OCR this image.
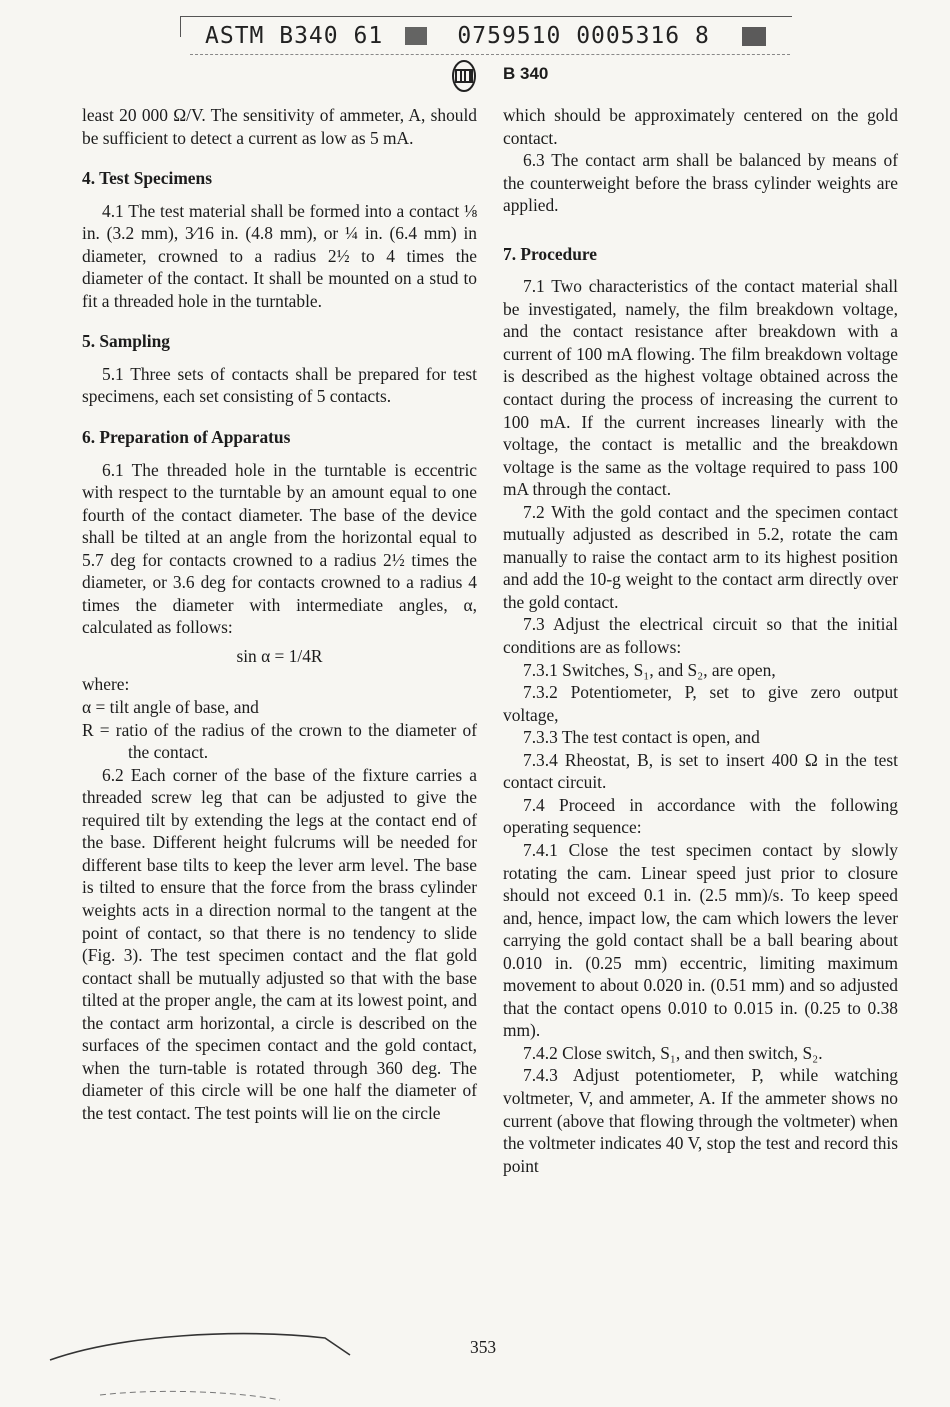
ASTM B340 61	0759510 0005316 8
B 340

least 20 000 Ω/V. The sensitivity of ammeter, A, should be sufficient to detect a current as low as 5 mA.

4. Test Specimens

4.1 The test material shall be formed into a contact ⅛ in. (3.2 mm), 3⁄16 in. (4.8 mm), or ¼ in. (6.4 mm) in diameter, crowned to a radius 2½ to 4 times the diameter of the contact. It shall be mounted on a stud to fit a threaded hole in the turntable.

5. Sampling

5.1 Three sets of contacts shall be prepared for test specimens, each set consisting of 5 contacts.

6. Preparation of Apparatus

6.1 The threaded hole in the turntable is eccentric with respect to the turntable by an amount equal to one fourth of the contact diameter. The base of the device shall be tilted at an angle from the horizontal equal to 5.7 deg for contacts crowned to a radius 2½ times the diameter, or 3.6 deg for contacts crowned to a radius 4 times the diameter with intermediate angles, α, calculated as follows:

sin α = 1/4R

where:

α = tilt angle of base, and

R = ratio of the radius of the crown to the diameter of the contact.

6.2 Each corner of the base of the fixture carries a threaded screw leg that can be adjusted to give the required tilt by extending the legs at the contact end of the base. Different height fulcrums will be needed for different base tilts to keep the lever arm level. The base is tilted to ensure that the force from the brass cylinder weights acts in a direction normal to the tangent at the point of contact, so that there is no tendency to slide (Fig. 3). The test specimen contact and the flat gold contact shall be mutually adjusted so that with the base tilted at the proper angle, the cam at its lowest point, and the contact arm horizontal, a circle is described on the surfaces of the specimen contact and the gold contact, when the turn-table is rotated through 360 deg. The diameter of this circle will be one half the diameter of the test contact. The test points will lie on the circle

which should be approximately centered on the gold contact.

6.3 The contact arm shall be balanced by means of the counterweight before the brass cylinder weights are applied.

7. Procedure

7.1 Two characteristics of the contact material shall be investigated, namely, the film breakdown voltage, and the contact resistance after breakdown with a current of 100 mA flowing. The film breakdown voltage is described as the highest voltage obtained across the contact during the process of increasing the current to 100 mA. If the current increases linearly with the voltage, the contact is metallic and the breakdown voltage is the same as the voltage required to pass 100 mA through the contact.

7.2 With the gold contact and the specimen contact mutually adjusted as described in 5.2, rotate the cam manually to raise the contact arm to its highest position and add the 10-g weight to the contact arm directly over the gold contact.

7.3 Adjust the electrical circuit so that the initial conditions are as follows:

7.3.1 Switches, S₁, and S₂, are open,

7.3.2 Potentiometer, P, set to give zero output voltage,

7.3.3 The test contact is open, and

7.3.4 Rheostat, B, is set to insert 400 Ω in the test contact circuit.

7.4 Proceed in accordance with the following operating sequence:

7.4.1 Close the test specimen contact by slowly rotating the cam. Linear speed just prior to closure should not exceed 0.1 in. (2.5 mm)/s. To keep speed and, hence, impact low, the cam which lowers the lever carrying the gold contact shall be a ball bearing about 0.010 in. (0.25 mm) eccentric, limiting maximum movement to about 0.020 in. (0.51 mm) and so adjusted that the contact opens 0.010 to 0.015 in. (0.25 to 0.38 mm).

7.4.2 Close switch, S₁, and then switch, S₂.

7.4.3 Adjust potentiometer, P, while watching voltmeter, V, and ammeter, A. If the ammeter shows no current (above that flowing through the voltmeter) when the voltmeter indicates 40 V, stop the test and record this point

353
